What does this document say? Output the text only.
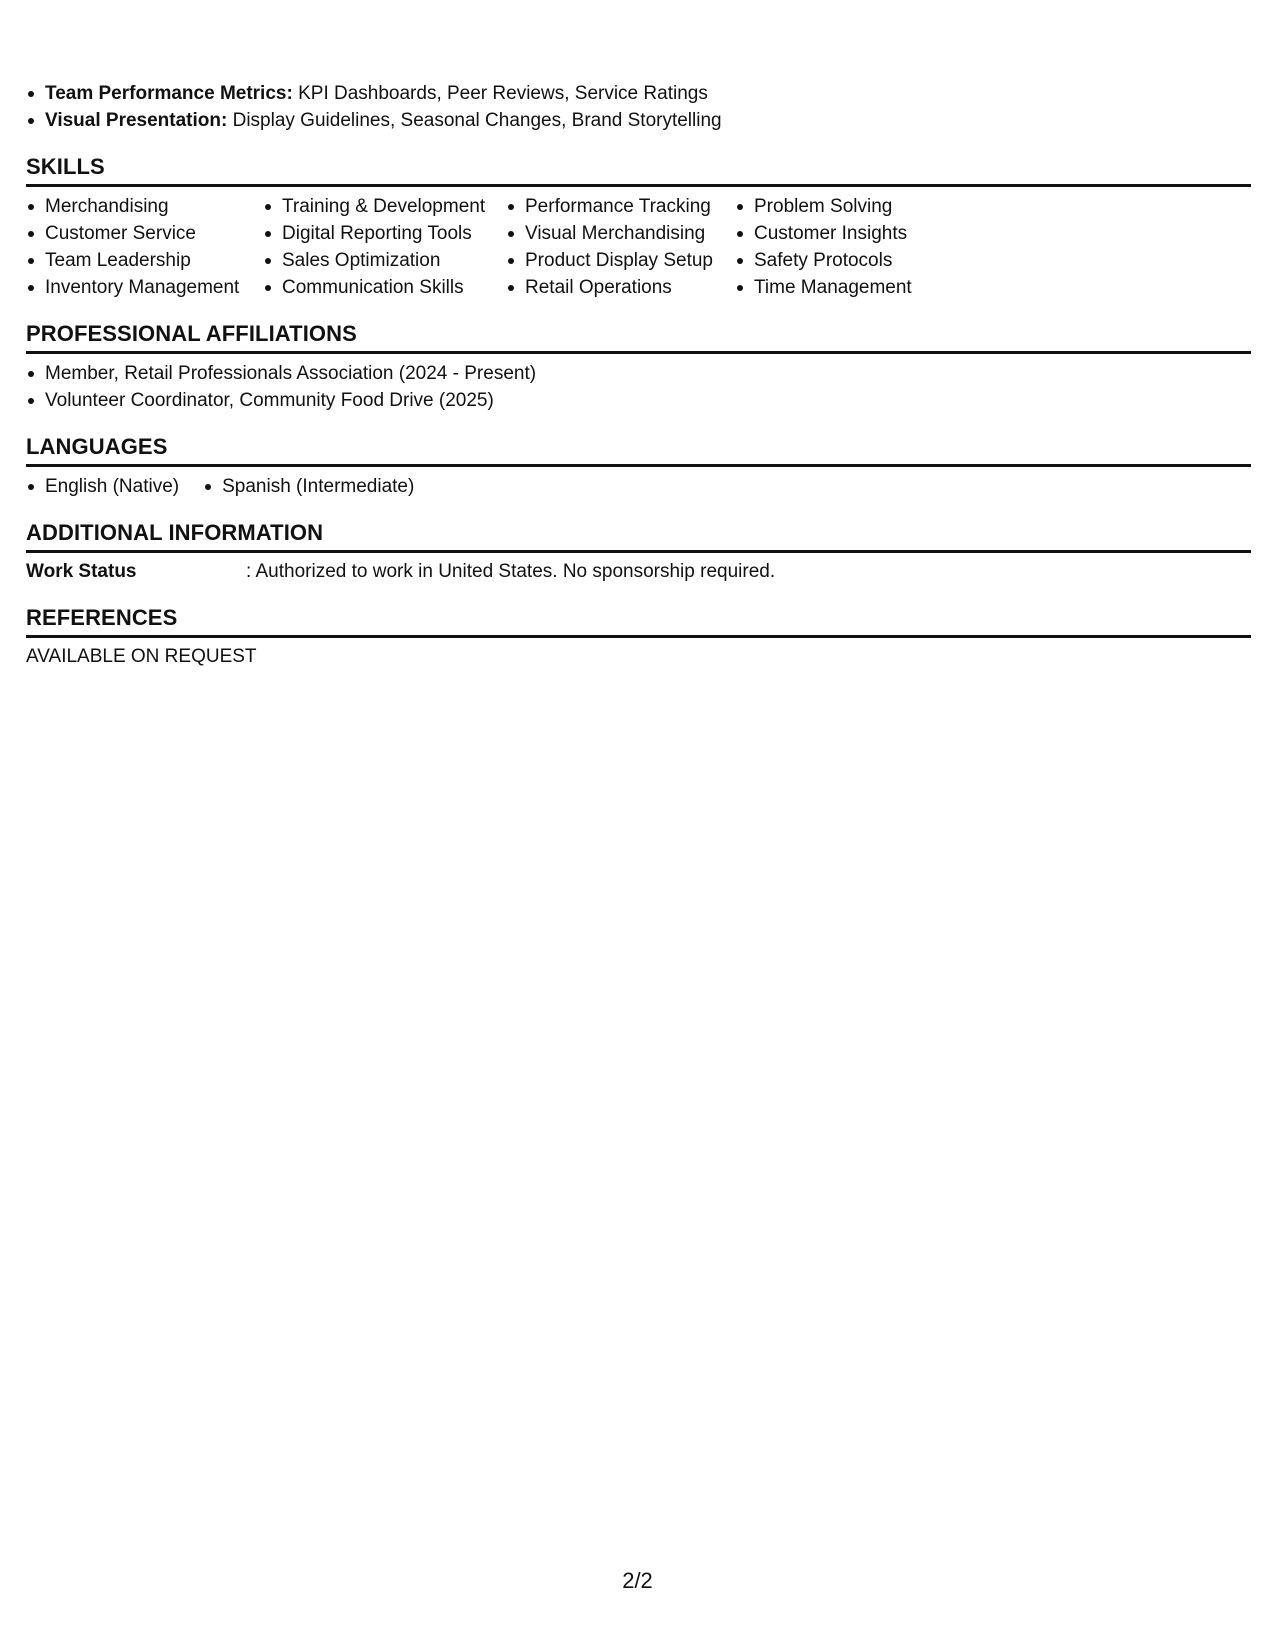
Team Performance Metrics: KPI Dashboards, Peer Reviews, Service Ratings
Visual Presentation: Display Guidelines, Seasonal Changes, Brand Storytelling
SKILLS
Merchandising
Customer Service
Team Leadership
Inventory Management
Training & Development
Digital Reporting Tools
Sales Optimization
Communication Skills
Performance Tracking
Visual Merchandising
Product Display Setup
Retail Operations
Problem Solving
Customer Insights
Safety Protocols
Time Management
PROFESSIONAL AFFILIATIONS
Member, Retail Professionals Association (2024 - Present)
Volunteer Coordinator, Community Food Drive (2025)
LANGUAGES
English (Native)	Spanish (Intermediate)
ADDITIONAL INFORMATION
Work Status	: Authorized to work in United States. No sponsorship required.
REFERENCES
AVAILABLE ON REQUEST
2/2
